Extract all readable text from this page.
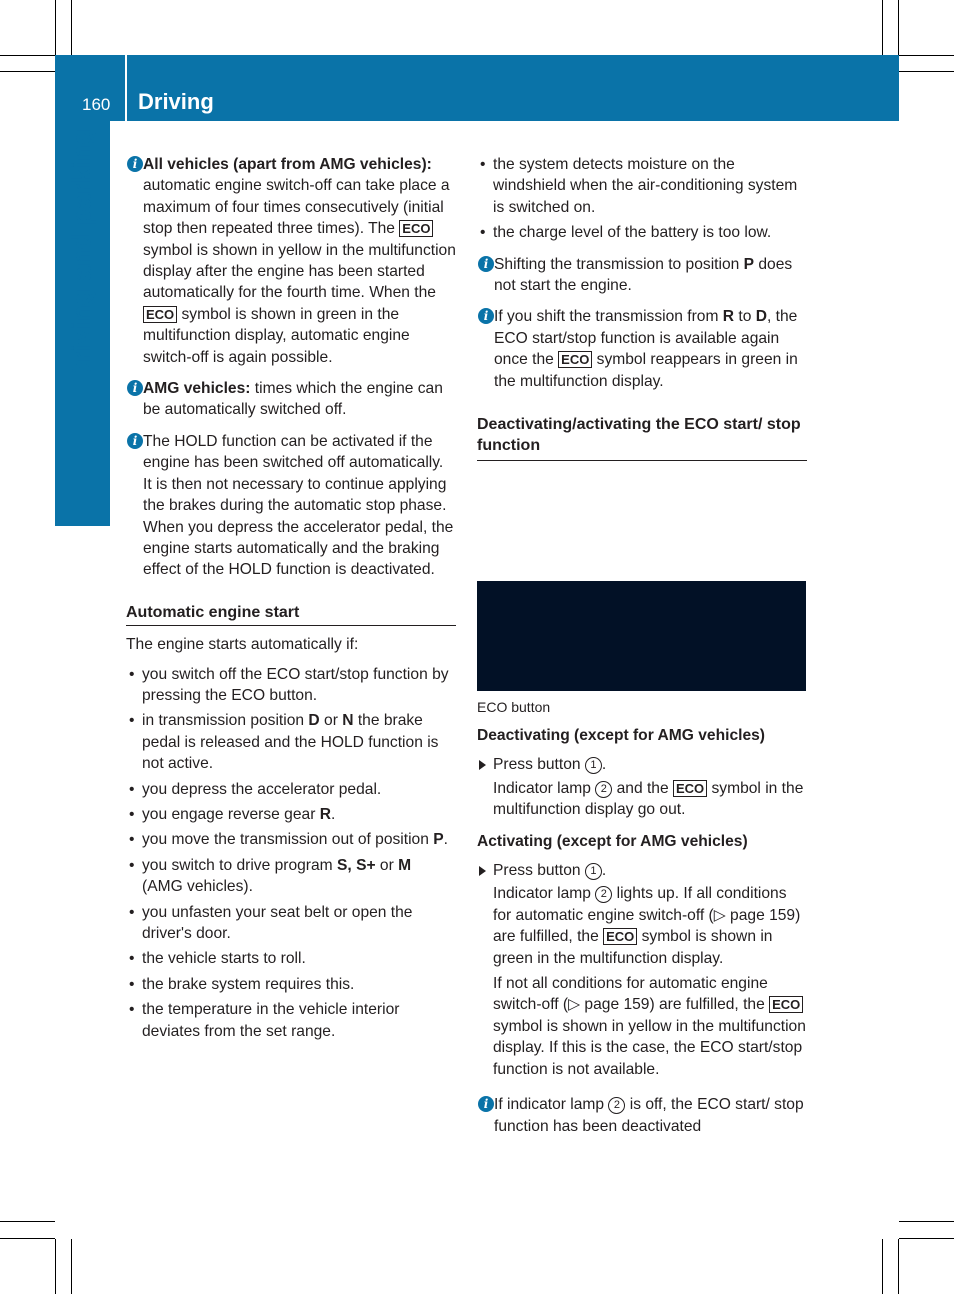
160 Driving
Driving and parking	i All vehicles (apart from AMG vehicles): automatic engine switch-off can take place a maximum of four times consecutively (initial stop then repeated three times). The ECO symbol is shown in yellow in the multifunction display after the engine has been started automatically for the fourth time. When the ECO symbol is shown in green in the multifunction display, automatic engine switch-off is again possible.

i AMG vehicles: times which the engine can be automatically switched off.

i The HOLD function can be activated if the engine has been switched off automatically. It is then not necessary to continue applying the brakes during the automatic stop phase. When you depress the accelerator pedal, the engine starts automatically and the braking effect of the HOLD function is deactivated.

Automatic engine start

The engine starts automatically if:

• you switch off the ECO start/stop function by pressing the ECO button.
• in transmission position D or N the brake pedal is released and the HOLD function is not active.
• you depress the accelerator pedal.
• you engage reverse gear R.
• you move the transmission out of position P.
• you switch to drive program S, S+ or M (AMG vehicles).
• you unfasten your seat belt or open the driver's door.
• the vehicle starts to roll.
• the brake system requires this.
• the temperature in the vehicle interior deviates from the set range.
• the system detects moisture on the windshield when the air-conditioning system is switched on.
• the charge level of the battery is too low.
i Shifting the transmission to position P does not start the engine.

i If you shift the transmission from R to D, the ECO start/stop function is available again once the ECO symbol reappears in green in the multifunction display.

Deactivating/activating the ECO start/ stop function
ECO button

Deactivating (except for AMG vehicles)

Press button 1 .

Indicator lamp 2 and the ECO symbol in the multifunction display go out.

Activating (except for AMG vehicles)

Press button 1 .

Indicator lamp 2 lights up. If all conditions for automatic engine switch-off (▷ page 159) are fulfilled, the ECO symbol is shown in green in the multifunction display.

If not all conditions for automatic engine switch-off (▷ page 159) are fulfilled, the ECO symbol is shown in yellow in the multifunction display. If this is the case, the ECO start/stop function is not available.

i If indicator lamp 2 is off, the ECO start/ stop function has been deactivated
